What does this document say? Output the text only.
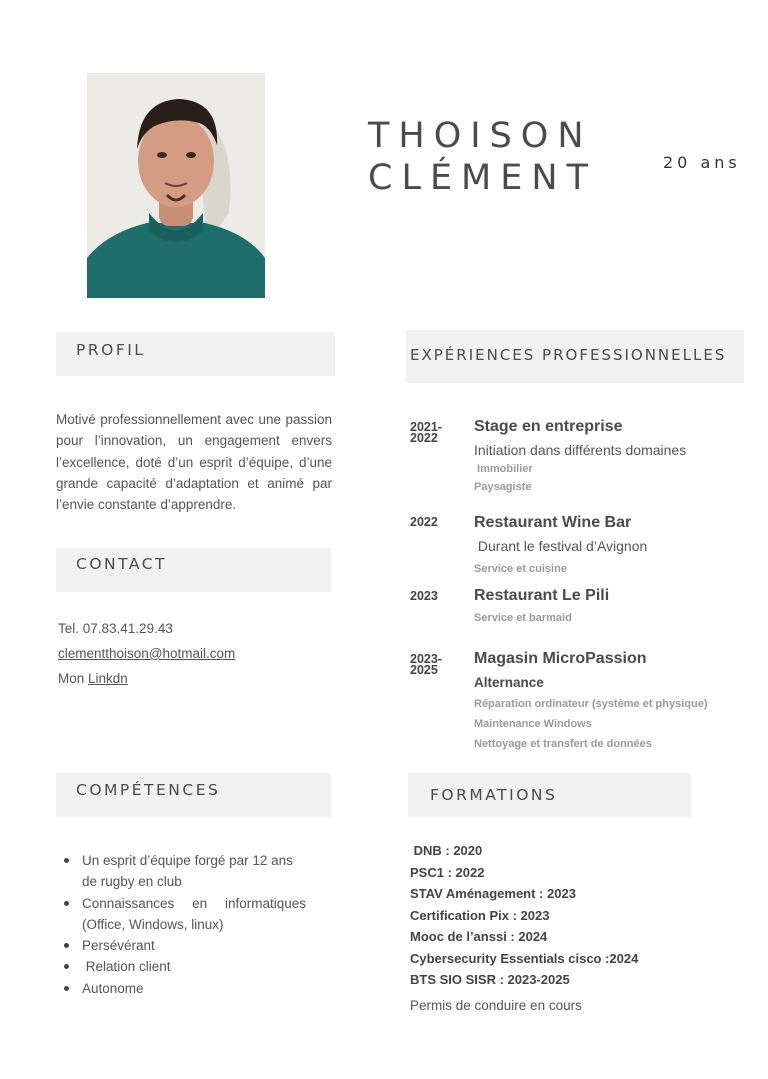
THOISON
CLÉMENT	20 ans
PROFIL
Motivé professionnellement avec une passion pour l’innovation, un engagement envers l’excellence, doté d’un esprit d’équipe, d’une grande capacité d’adaptation et animé par l’envie constante d’apprendre.
CONTACT
Tel. 07.83.41.29.43
clementthoison@hotmail.com
Mon Linkdn
COMPÉTENCES
Un esprit d’équipe forgé par 12 ans de rugby en club
Connaissances en informatiques (Office, Windows, linux)
Persévérant
Relation client
Autonome
EXPÉRIENCES PROFESSIONNELLES
2021-
2022
Stage en entreprise
Initiation dans différents domaines
Immobilier
Paysagiste
2022 Restaurant Wine Bar
Durant le festival d’Avignon
Service et cuisine
2023 Restaurant Le Pili
Service et barmaid
2023-
2025
Magasin MicroPassion
Alternance
Réparation ordinateur (système et physique)
Maintenance Windows
Nettoyage et transfert de données
FORMATIONS
DNB : 2020
PSC1 : 2022
STAV Aménagement : 2023
Certification Pix : 2023
Mooc de l’anssi : 2024
Cybersecurity Essentials cisco :2024
BTS SIO SISR : 2023-2025
Permis de conduire en cours
